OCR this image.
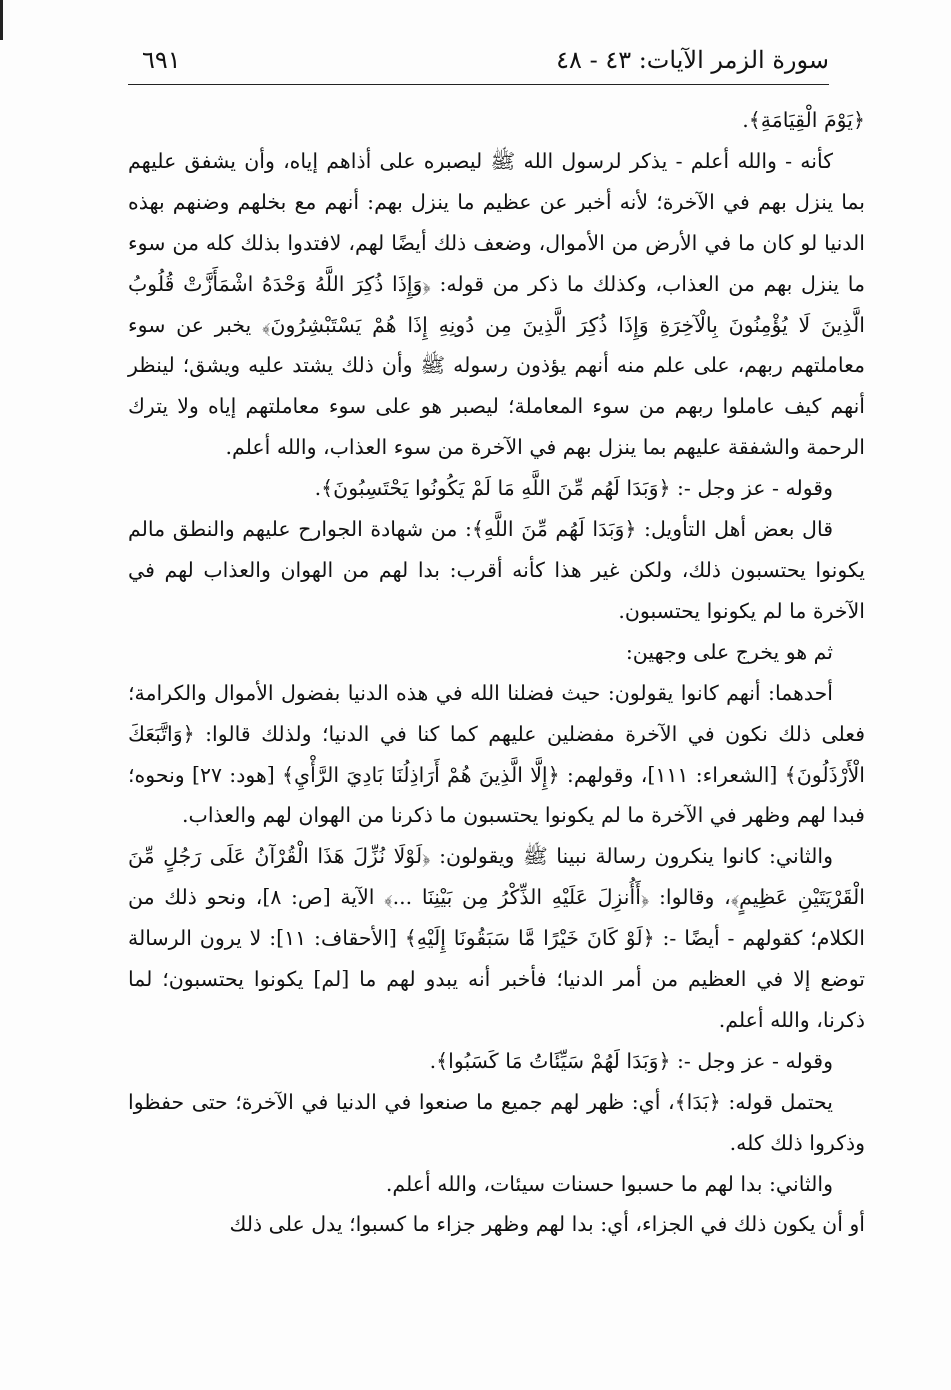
سورة الزمر الآيات: ٤٣ - ٤٨
٦٩١

﴿يَوْمَ الْقِيَامَةِ﴾.

كأنه - والله أعلم - يذكر لرسول الله ﷺ ليصبره على أذاهم إياه، وأن يشفق عليهم بما ينزل بهم في الآخرة؛ لأنه أخبر عن عظيم ما ينزل بهم: أنهم مع بخلهم وضنهم بهذه الدنيا لو كان ما في الأرض من الأموال، وضعف ذلك أيضًا لهم، لافتدوا بذلك كله من سوء ما ينزل بهم من العذاب، وكذلك ما ذكر من قوله: ﴿وَإِذَا ذُكِرَ اللَّهُ وَحْدَهُ اشْمَأَزَّتْ قُلُوبُ الَّذِينَ لَا يُؤْمِنُونَ بِالْآخِرَةِ وَإِذَا ذُكِرَ الَّذِينَ مِن دُونِهِ إِذَا هُمْ يَسْتَبْشِرُونَ﴾ يخبر عن سوء معاملتهم ربهم، على علم منه أنهم يؤذون رسوله ﷺ وأن ذلك يشتد عليه ويشق؛ لينظر أنهم كيف عاملوا ربهم من سوء المعاملة؛ ليصبر هو على سوء معاملتهم إياه ولا يترك الرحمة والشفقة عليهم بما ينزل بهم في الآخرة من سوء العذاب، والله أعلم.

وقوله - عز وجل -: ﴿وَبَدَا لَهُم مِّنَ اللَّهِ مَا لَمْ يَكُونُوا يَحْتَسِبُونَ﴾.

قال بعض أهل التأويل: ﴿وَبَدَا لَهُم مِّنَ اللَّهِ﴾: من شهادة الجوارح عليهم والنطق مالم يكونوا يحتسبون ذلك، ولكن غير هذا كأنه أقرب: بدا لهم من الهوان والعذاب لهم في الآخرة ما لم يكونوا يحتسبون.

ثم هو يخرج على وجهين:

أحدهما: أنهم كانوا يقولون: حيث فضلنا الله في هذه الدنيا بفضول الأموال والكرامة؛ فعلى ذلك نكون في الآخرة مفضلين عليهم كما كنا في الدنيا؛ ولذلك قالوا: ﴿وَاتَّبَعَكَ الْأَرْذَلُونَ﴾ [الشعراء: ١١١]، وقولهم: ﴿إِلَّا الَّذِينَ هُمْ أَرَاذِلُنَا بَادِيَ الرَّأْيِ﴾ [هود: ٢٧] ونحوه؛ فبدا لهم وظهر في الآخرة ما لم يكونوا يحتسبون ما ذكرنا من الهوان لهم والعذاب.

والثاني: كانوا ينكرون رسالة نبينا ﷺ ويقولون: ﴿لَوْلَا نُزِّلَ هَذَا الْقُرْآنُ عَلَى رَجُلٍ مِّنَ الْقَرْيَتَيْنِ عَظِيمٍ﴾، وقالوا: ﴿أَأُنزِلَ عَلَيْهِ الذِّكْرُ مِن بَيْنِنَا ...﴾ الآية [ص: ٨]، ونحو ذلك من الكلام؛ كقولهم - أيضًا -: ﴿لَوْ كَانَ خَيْرًا مَّا سَبَقُونَا إِلَيْهِ﴾ [الأحقاف: ١١]: لا يرون الرسالة توضع إلا في العظيم من أمر الدنيا؛ فأخبر أنه يبدو لهم ما [لم] يكونوا يحتسبون؛ لما ذكرنا، والله أعلم.

وقوله - عز وجل -: ﴿وَبَدَا لَهُمْ سَيِّئَاتُ مَا كَسَبُوا﴾.

يحتمل قوله: ﴿بَدَا﴾، أي: ظهر لهم جميع ما صنعوا في الدنيا في الآخرة؛ حتى حفظوا وذكروا ذلك كله.

والثاني: بدا لهم ما حسبوا حسنات سيئات، والله أعلم.

أو أن يكون ذلك في الجزاء، أي: بدا لهم وظهر جزاء ما كسبوا؛ يدل على ذلك
